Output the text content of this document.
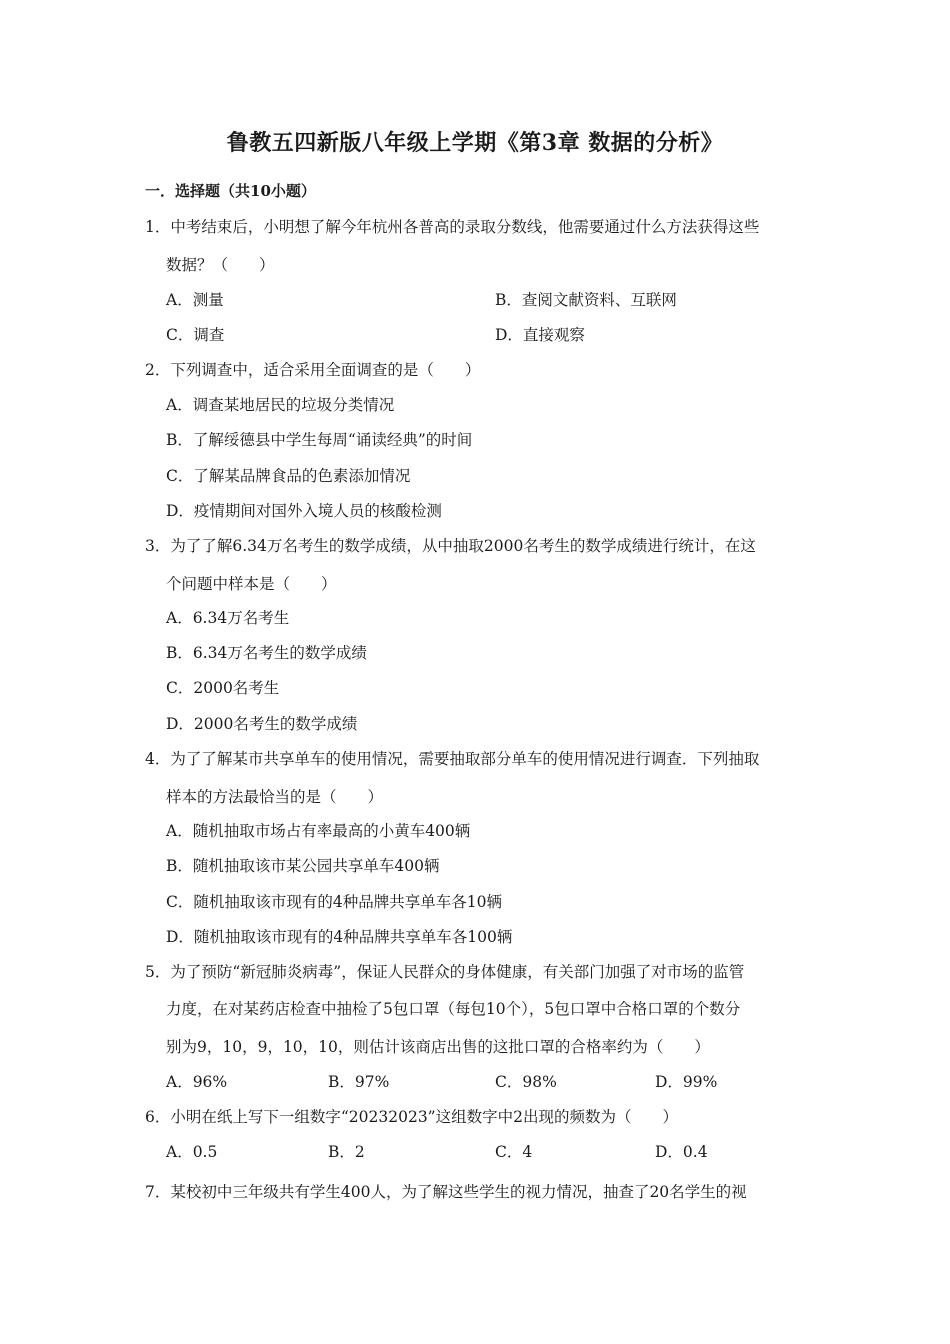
鲁教五四新版八年级上学期《第3章 数据的分析》
一．选择题（共10小题）
1．中考结束后，小明想了解今年杭州各普高的录取分数线，他需要通过什么方法获得这些
数据？（　　）
A．测量	B．查阅文献资料、互联网
C．调查	D．直接观察
2．下列调查中，适合采用全面调查的是（　　）
A．调查某地居民的垃圾分类情况
B．了解绥德县中学生每周“诵读经典”的时间
C．了解某品牌食品的色素添加情况
D．疫情期间对国外入境人员的核酸检测
3．为了了解6.34万名考生的数学成绩，从中抽取2000名考生的数学成绩进行统计，在这
个问题中样本是（　　）
A．6.34万名考生
B．6.34万名考生的数学成绩
C．2000名考生
D．2000名考生的数学成绩
4．为了了解某市共享单车的使用情况，需要抽取部分单车的使用情况进行调查．下列抽取
样本的方法最恰当的是（　　）
A．随机抽取市场占有率最高的小黄车400辆
B．随机抽取该市某公园共享单车400辆
C．随机抽取该市现有的4种品牌共享单车各10辆
D．随机抽取该市现有的4种品牌共享单车各100辆
5．为了预防“新冠肺炎病毒”，保证人民群众的身体健康，有关部门加强了对市场的监管
力度，在对某药店检查中抽检了5包口罩（每包10个），5包口罩中合格口罩的个数分
别为9，10，9，10，10，则估计该商店出售的这批口罩的合格率约为（　　）
A．96%	B．97%	C．98%	D．99%
6．小明在纸上写下一组数字“20232023”这组数字中2出现的频数为（　　）
A．0.5	B．2	C．4	D．0.4
7．某校初中三年级共有学生400人，为了解这些学生的视力情况，抽查了20名学生的视
